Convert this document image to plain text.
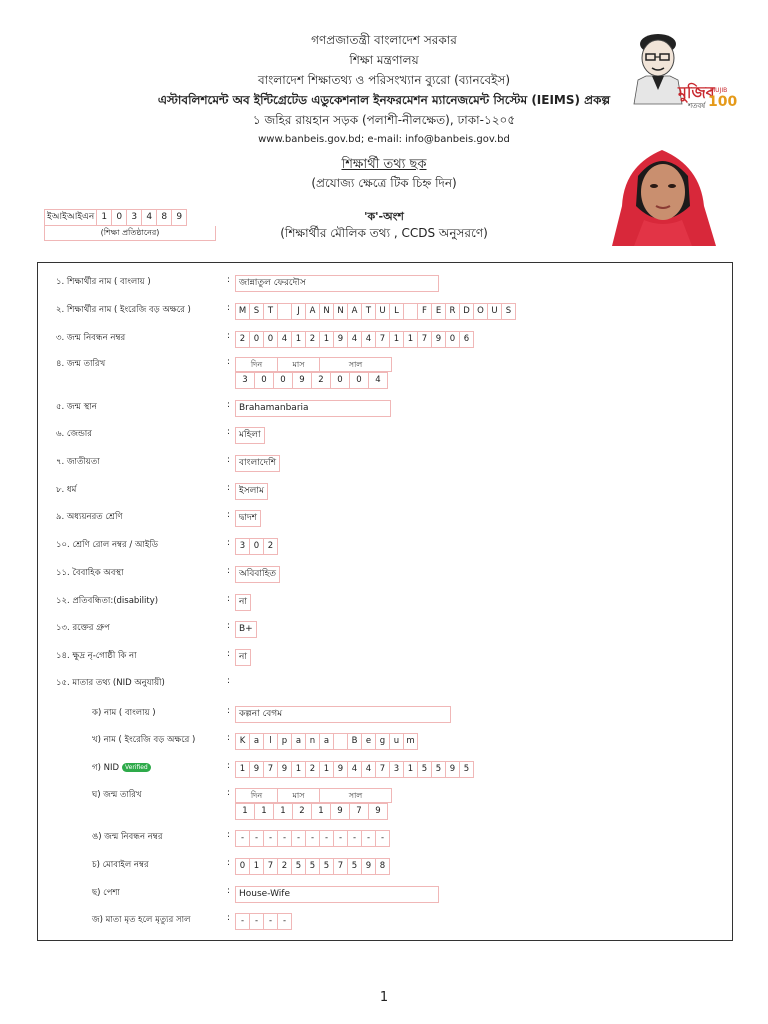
গণপ্রজাতন্ত্রী বাংলাদেশ সরকার
শিক্ষা মন্ত্রণালয়
বাংলাদেশ শিক্ষাতথ্য ও পরিসংখ্যান ব্যুরো (ব্যানবেইস)
এস্টাবলিশমেন্ট অব ইন্টিগ্রেটেড এডুকেশনাল ইনফরমেশন ম্যানেজমেন্ট সিস্টেম (IEIMS) প্রকল্প
১ জহির রায়হান সড়ক (পলাশী-নীলক্ষেত), ঢাকা-১২০৫
www.banbeis.gov.bd; e-mail: info@banbeis.gov.bd
মুজিব
শতবর্ষ
MUJIB
100
শিক্ষার্থী তথ্য ছক
(প্রযোজ্য ক্ষেত্রে টিক চিহ্ন দিন)
ইআইআইএন 1	0	3	4	8	9
(শিক্ষা প্রতিষ্ঠানের)
'ক'-অংশ
(শিক্ষার্থীর মৌলিক তথ্য , CCDS অনুসরণে)
১. শিক্ষার্থীর নাম ( বাংলায় )	: জান্নাতুল ফেরদৌস
২. শিক্ষার্থীর নাম ( ইংরেজি বড় অক্ষরে )	:	M S	T	J	A N N A T U	L	F	E R D O U S
৩. জন্ম নিবন্ধন নম্বর	:	2	0	0	4	1	2	1	9	4	4	7	1	1	7	9	0	6
৪. জন্ম তারিখ	:	দিন	মাস	সাল
3	0	0	9	2	0	0	4
৫. জন্ম স্থান	: Brahamanbaria
৬. জেন্ডার	: মহিলা
৭. জাতীয়তা	: বাংলাদেশি
৮. ধর্ম	: ইসলাম
৯. অধ্যয়নরত শ্রেণি	: দ্বাদশ
১০. শ্রেণি রোল নম্বর / আইডি	:	3	0	2
১১. বৈবাহিক অবস্থা	: অবিবাহিত
১২. প্রতিবন্ধিতা:(disability)	: না
১৩. রক্তের গ্রুপ	: B+
১৪. ক্ষুদ্র নৃ-গোষ্ঠী কি না	: না
১৫. মাতার তথ্য (NID অনুযায়ী)	:
ক) নাম ( বাংলায় )	: কল্পনা বেগম
খ) নাম ( ইংরেজি বড় অক্ষরে )	:	K	a	l	p	a	n	a	B e	g	u m
গ) NID Verified	:	1	9	7	9	1	2	1	9	4	4	7	3	1	5	5	9	5
ঘ) জন্ম তারিখ	:	দিন	মাস	সাল
1	1	1	2	1	9	7	9
ঙ) জন্ম নিবন্ধন নম্বর	:	-	-	-	-	-	-	-	-	-	-	-
চ) মোবাইল নম্বর	:	0	1	7	2	5	5	5	7	5	9	8
ছ) পেশা	: House-Wife
জ) মাতা মৃত হলে মৃত্যুর সাল	:	-	-	-	-
1
